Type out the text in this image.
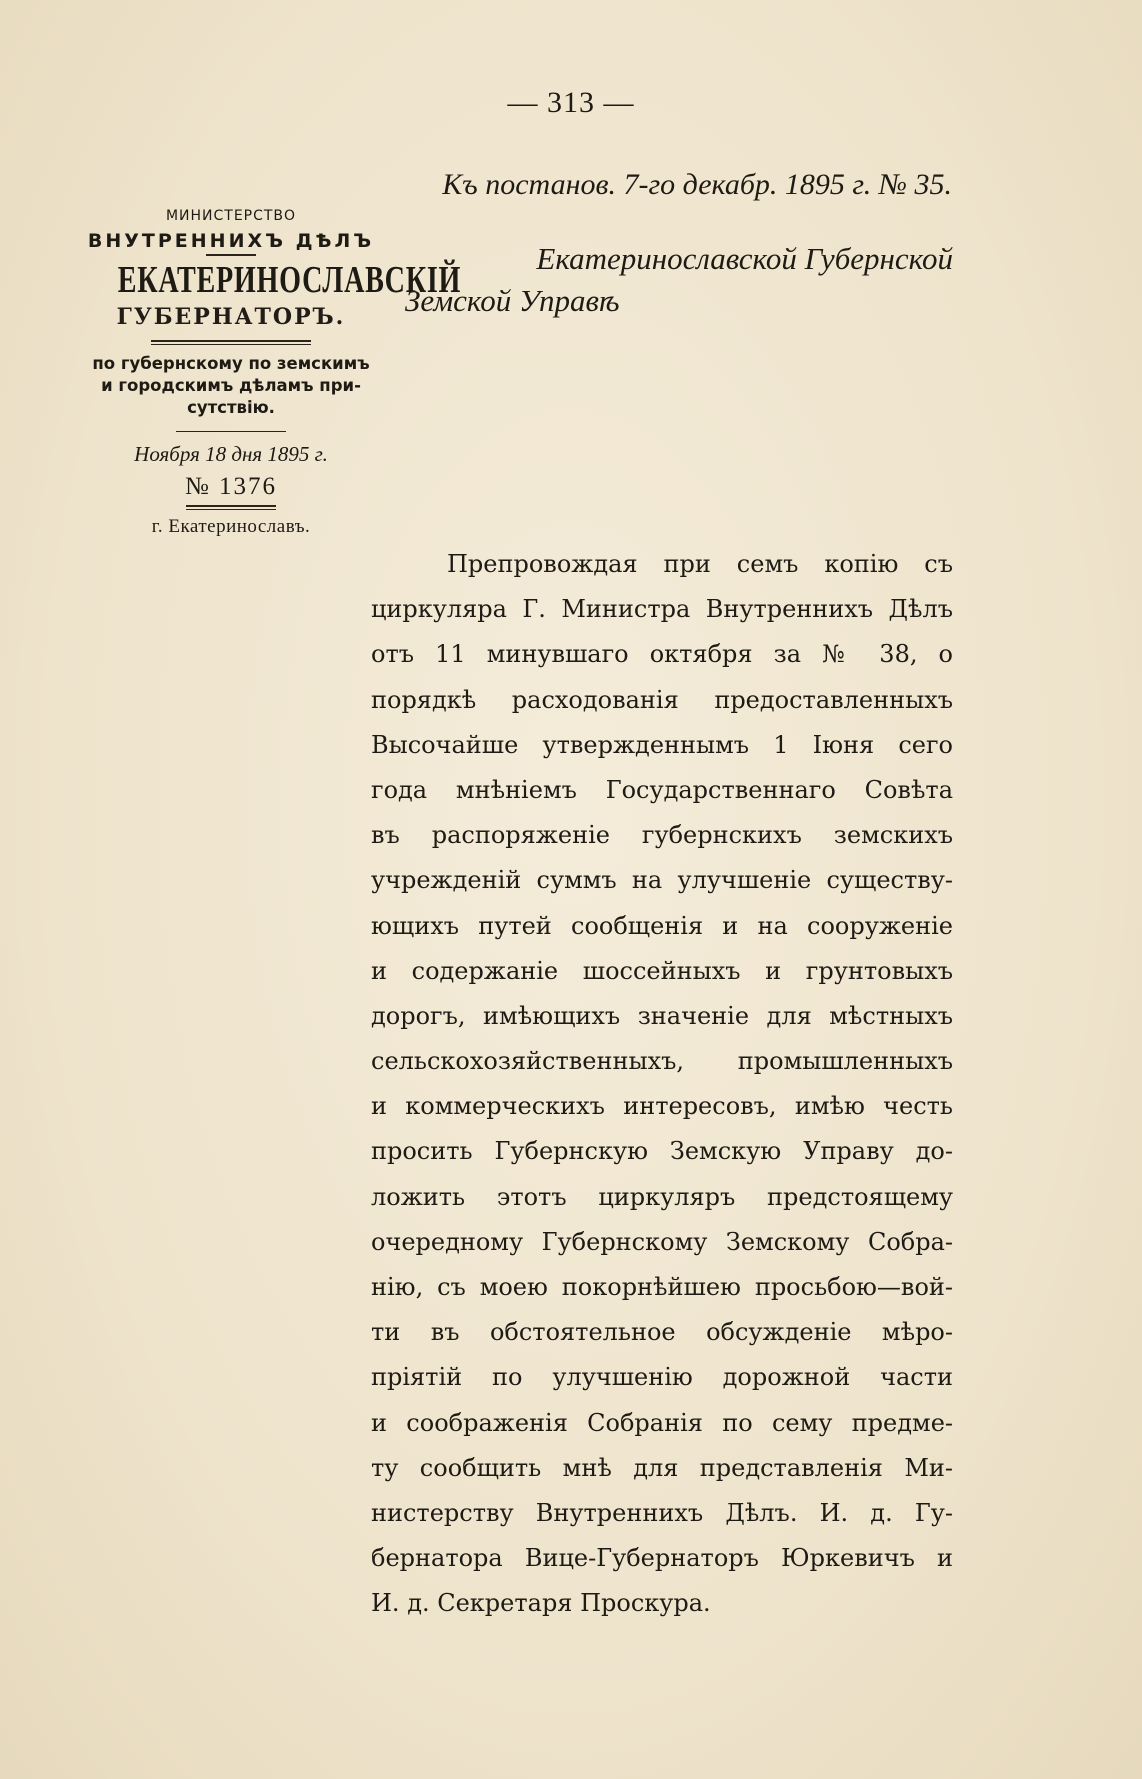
— 313 —
Къ постанов. 7-го декабр. 1895 г. № 35.
Екатеринославской Губернской
Земской Управѣ
МИНИСТЕРСТВО
ВНУТРЕННИХЪ ДѢЛЪ
ЕКАТЕРИНОСЛАВСКІЙ
ГУБЕРНАТОРЪ.
по губернскому по земскимъ
и городскимъ дѣламъ при-
сутствію.
Ноября 18 дня 1895 г.
№ 1376
г. Екатеринославъ.
Препровождая при семъ копію съ
циркуляра Г. Министра Внутреннихъ Дѣлъ
отъ 11 минувшаго октября за № 38, о
порядкѣ расходованія предоставленныхъ
Высочайше утвержденнымъ 1 Іюня сего
года мнѣніемъ Государственнаго Совѣта
въ распоряженіе губернскихъ земскихъ
учрежденій суммъ на улучшеніе существу-
ющихъ путей сообщенія и на сооруженіе
и содержаніе шоссейныхъ и грунтовыхъ
дорогъ, имѣющихъ значеніе для мѣстныхъ
сельскохозяйственныхъ, промышленныхъ
и коммерческихъ интересовъ, имѣю честь
просить Губернскую Земскую Управу до-
ложить этотъ циркуляръ предстоящему
очередному Губернскому Земскому Собра-
нію, съ моею покорнѣйшею просьбою—вой-
ти въ обстоятельное обсужденіе мѣро-
пріятій по улучшенію дорожной части
и соображенія Собранія по сему предме-
ту сообщить мнѣ для представленія Ми-
нистерству Внутреннихъ Дѣлъ. И. д. Гу-
бернатора Вице-Губернаторъ Юркевичъ и
И. д. Секретаря Проскура.
